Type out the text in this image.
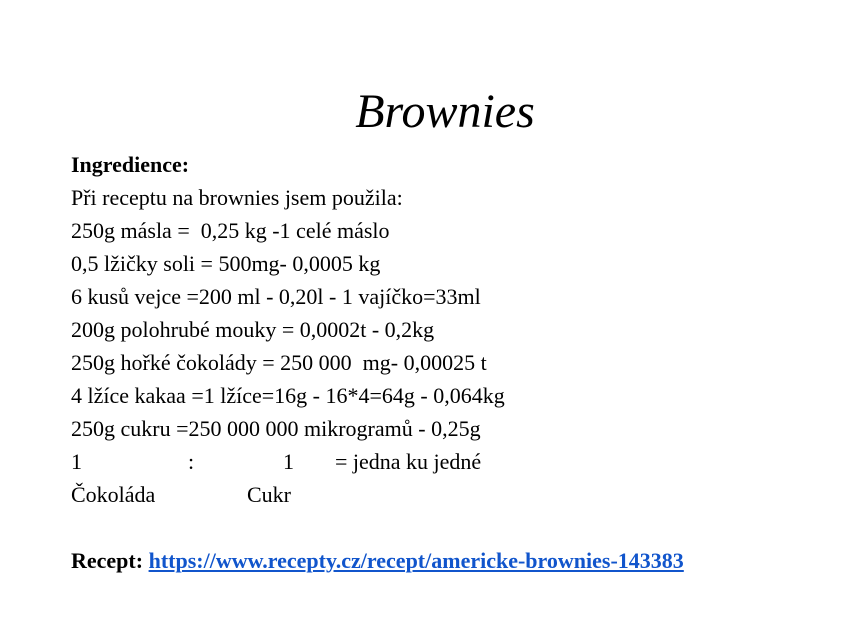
Brownies
Ingredience:
Při receptu na brownies jsem použila:
250g másla =  0,25 kg -1 celé máslo
0,5 lžičky soli = 500mg- 0,0005 kg
6 kusů vejce =200 ml - 0,20l - 1 vajíčko=33ml
200g polohrubé mouky = 0,0002t - 0,2kg
250g hořké čokolády = 250 000  mg- 0,00025 t
4 lžíce kakaa =1 lžíce=16g - 16*4=64g - 0,064kg
250g cukru =250 000 000 mikrogramů - 0,25g
1	:	1 = jedna ku jedné
Čokoláda	Cukr
Recept: https://www.recepty.cz/recept/americke-brownies-143383
